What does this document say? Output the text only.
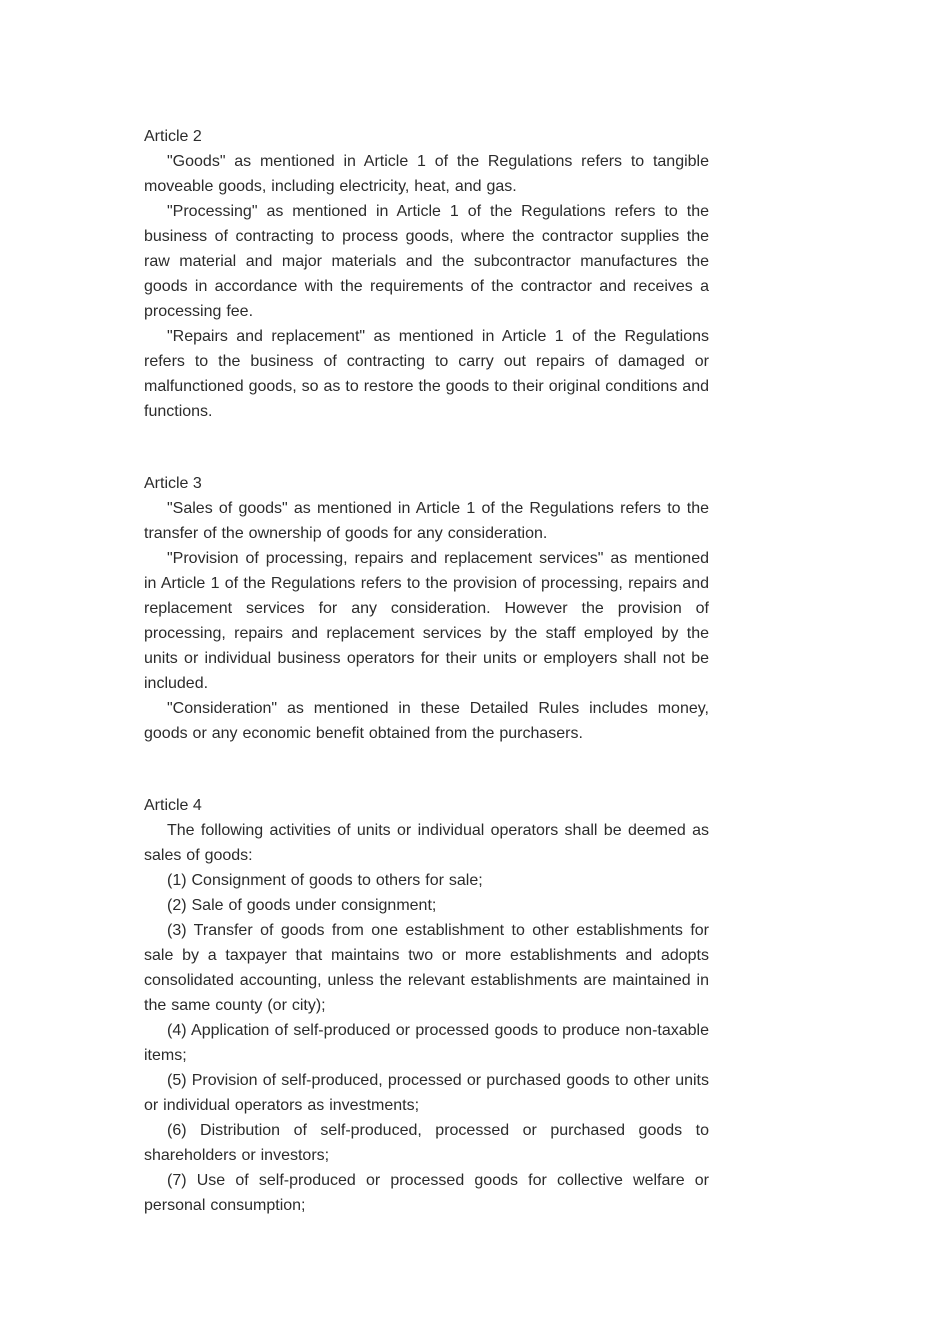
Article 2

"Goods" as mentioned in Article 1 of the Regulations refers to tangible moveable goods, including electricity, heat, and gas.

"Processing" as mentioned in Article 1 of the Regulations refers to the business of contracting to process goods, where the contractor supplies the raw material and major materials and the subcontractor manufactures the goods in accordance with the requirements of the contractor and receives a processing fee.

"Repairs and replacement" as mentioned in Article 1 of the Regulations refers to the business of contracting to carry out repairs of damaged or malfunctioned goods, so as to restore the goods to their original conditions and functions.

Article 3

"Sales of goods" as mentioned in Article 1 of the Regulations refers to the transfer of the ownership of goods for any consideration.

"Provision of processing, repairs and replacement services" as mentioned in Article 1 of the Regulations refers to the provision of processing, repairs and replacement services for any consideration. However the provision of processing, repairs and replacement services by the staff employed by the units or individual business operators for their units or employers shall not be included.

"Consideration" as mentioned in these Detailed Rules includes money, goods or any economic benefit obtained from the purchasers.

Article 4

The following activities of units or individual operators shall be deemed as sales of goods:

(1) Consignment of goods to others for sale;

(2) Sale of goods under consignment;

(3) Transfer of goods from one establishment to other establishments for sale by a taxpayer that maintains two or more establishments and adopts consolidated accounting, unless the relevant establishments are maintained in the same county (or city);

(4) Application of self-produced or processed goods to produce non-taxable items;

(5) Provision of self-produced, processed or purchased goods to other units or individual operators as investments;

(6) Distribution of self-produced, processed or purchased goods to shareholders or investors;

(7) Use of self-produced or processed goods for collective welfare or personal consumption;
